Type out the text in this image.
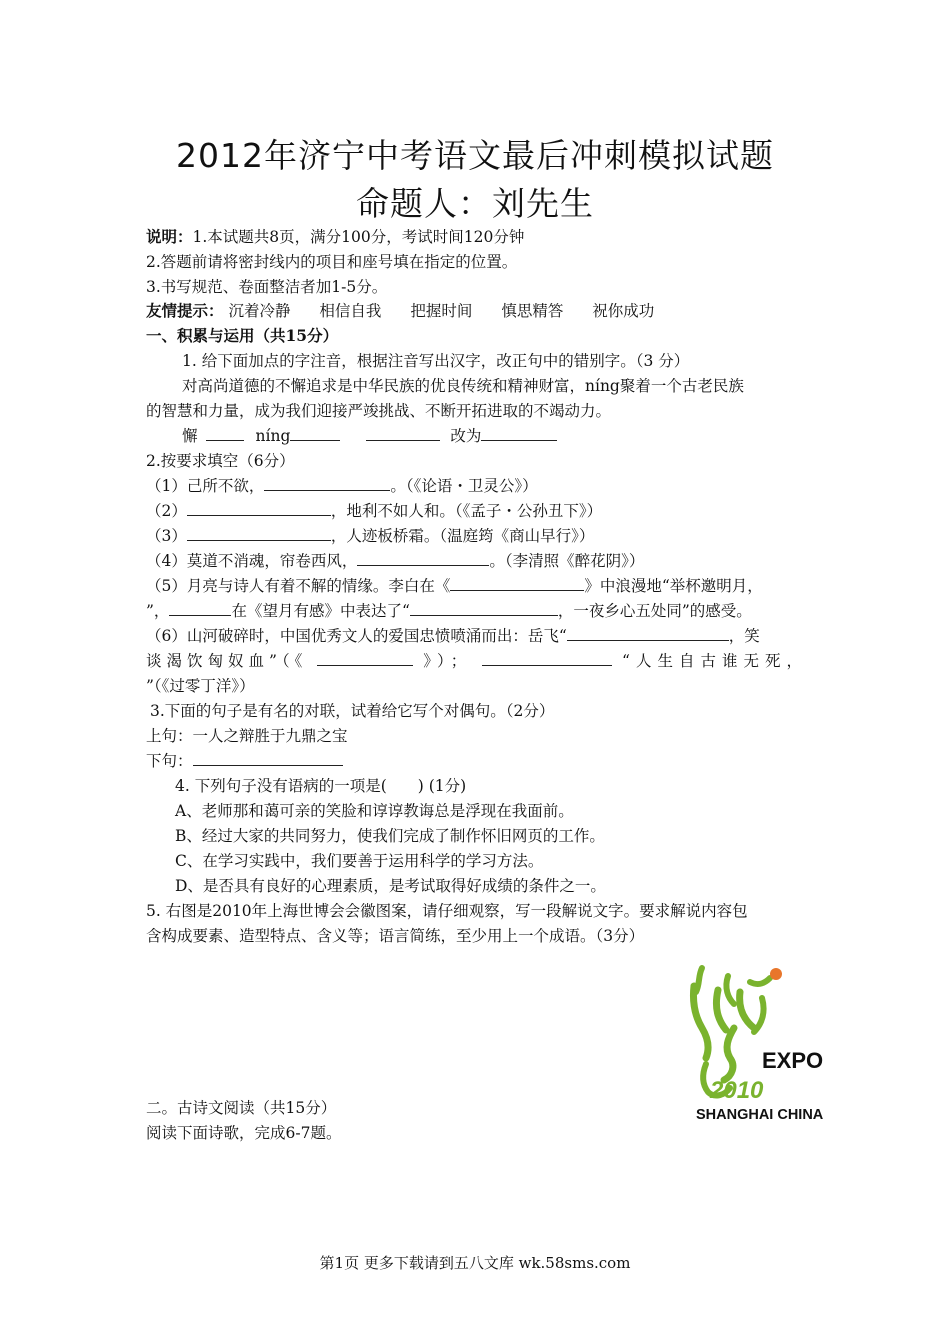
2012年济宁中考语文最后冲刺模拟试题
命题人：刘先生
说明：1.本试题共8页，满分100分，考试时间120分钟
2.答题前请将密封线内的项目和座号填在指定的位置。
3.书写规范、卷面整洁者加1-5分。
友情提示： 沉着冷静 相信自我 把握时间 慎思精答 祝你成功
一、积累与运用（共15分）
1. 给下面加点的字注音，根据注音写出汉字，改正句中的错别字。（3 分）
对高尚道德的不懈追求是中华民族的优良传统和精神财富，níng聚着一个古老民族
的智慧和力量，成为我们迎接严竣挑战、不断开拓进取的不竭动力。
懈	níng	改为
2.按要求填空（6分）
（1）己所不欲，	。（《论语・卫灵公》）
（2）	，地利不如人和。（《孟子・公孙丑下》）
（3）	，人迹板桥霜。（温庭筠《商山早行》）
（4）莫道不消魂，帘卷西风，	。（李清照《醉花阴》）
（5）月亮与诗人有着不解的情缘。李白在《	》中浪漫地“举杯邀明月，
”，	在《望月有感》中表达了“	，一夜乡心五处同”的感受。
（6）山河破碎时，中国优秀文人的爱国忠愤喷涌而出：岳飞“	，笑
谈渴饮匈奴血”（《	》）；	“人生自古谁无死，
”（《过零丁洋》）
3.下面的句子是有名的对联，试着给它写个对偶句。（2分）
上句：一人之辩胜于九鼎之宝
下句：
4. 下列句子没有语病的一项是(　　) (1分)
A、老师那和蔼可亲的笑脸和谆谆教诲总是浮现在我面前。
B、经过大家的共同努力，使我们完成了制作怀旧网页的工作。
C、在学习实践中，我们要善于运用科学的学习方法。
D、是否具有良好的心理素质，是考试取得好成绩的条件之一。
5. 右图是2010年上海世博会会徽图案，请仔细观察，写一段解说文字。要求解说内容包
含构成要素、造型特点、含义等；语言简练，至少用上一个成语。（3分）
EXPO
2010
SHANGHAI CHINA
二。古诗文阅读（共15分）
阅读下面诗歌，完成6-7题。
第1页 更多下载请到五八文库 wk.58sms.com
